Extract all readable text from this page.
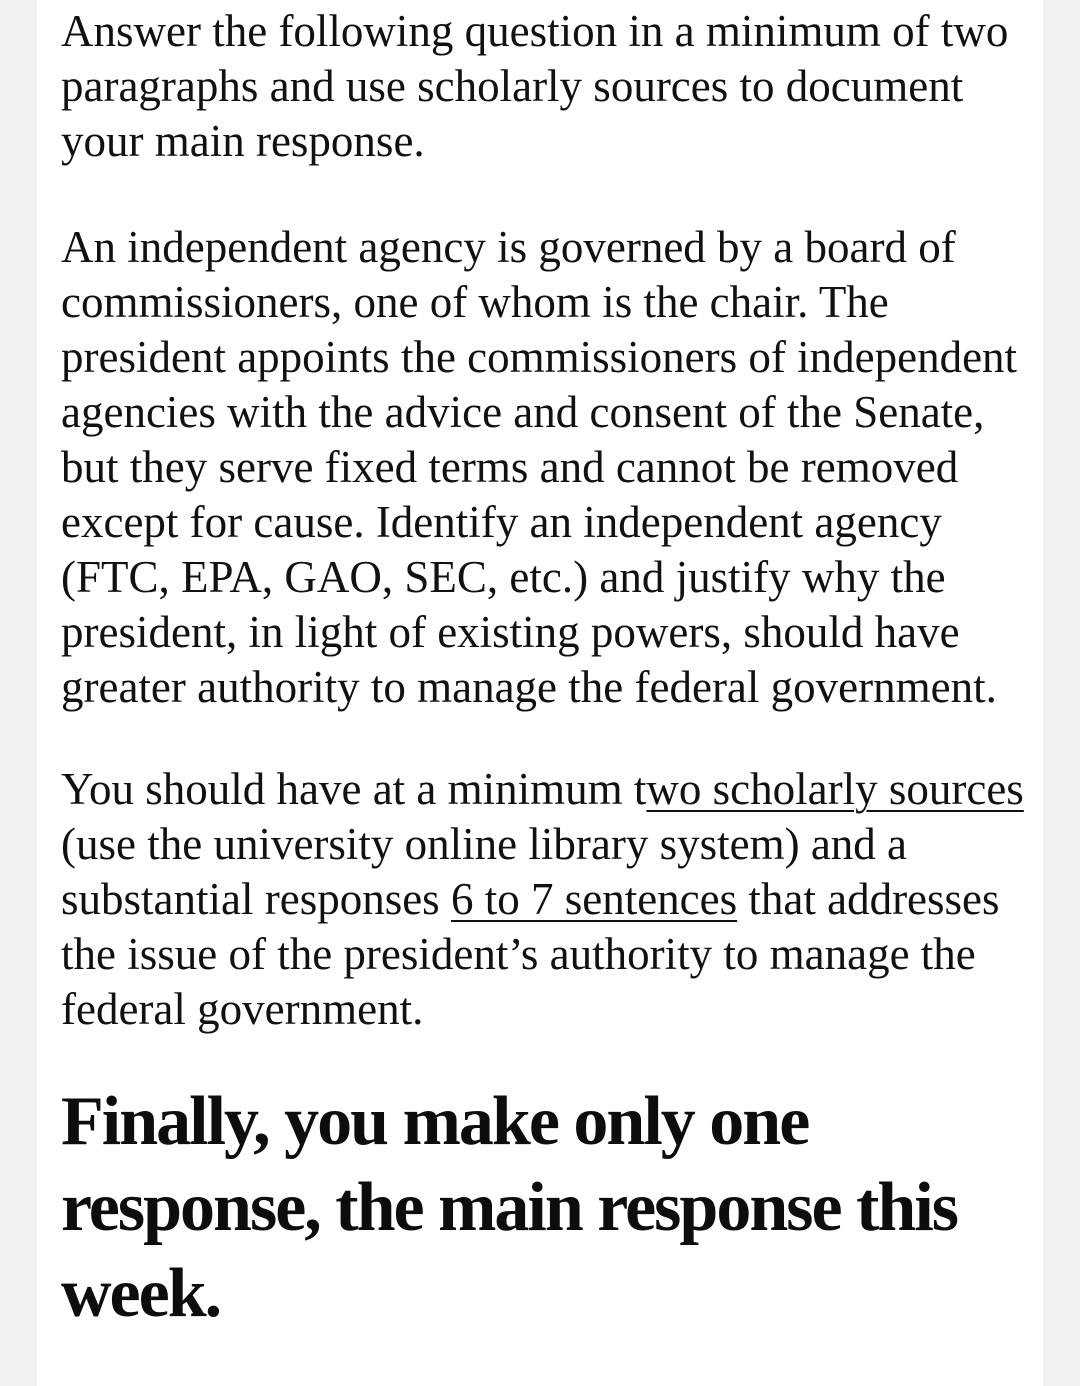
Answer the following question in a minimum of two paragraphs and use scholarly sources to document your main response.

An independent agency is governed by a board of commissioners, one of whom is the chair. The president appoints the commissioners of independent agencies with the advice and consent of the Senate, but they serve fixed terms and cannot be removed except for cause. Identify an independent agency (FTC, EPA, GAO, SEC, etc.) and justify why the president, in light of existing powers, should have greater authority to manage the federal government.

You should have at a minimum two scholarly sources (use the university online library system) and a substantial responses 6 to 7 sentences that addresses the issue of the president’s authority to manage the federal government.

Finally, you make only one response, the main response this week.
